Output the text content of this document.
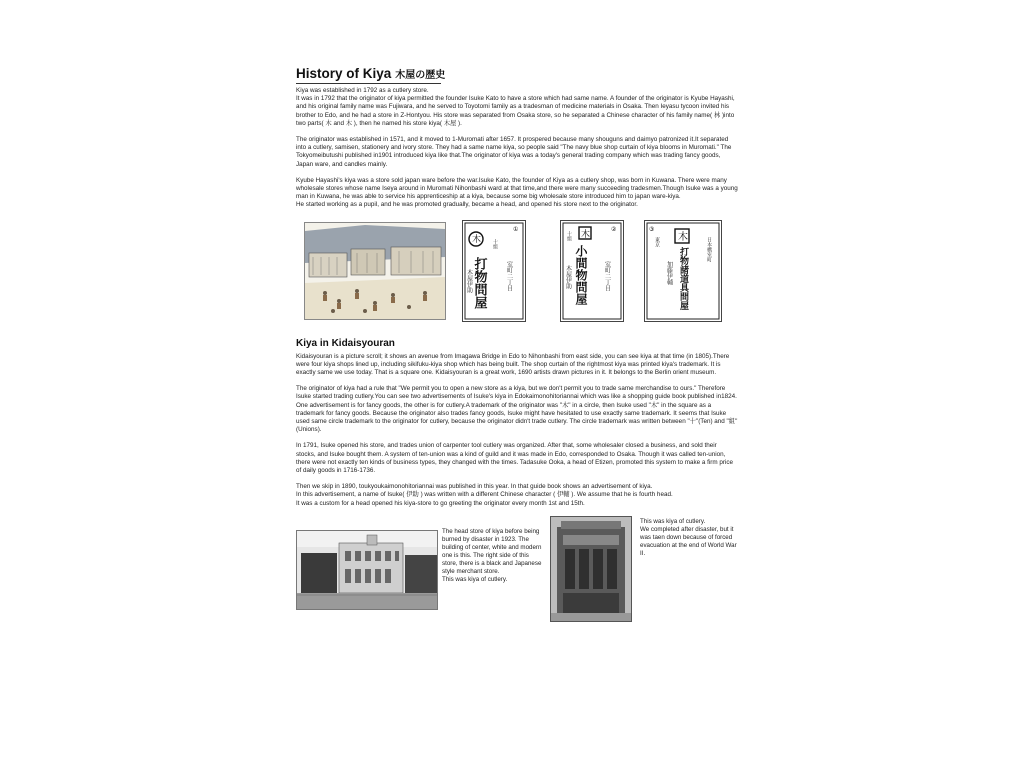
History of Kiya 木屋の歴史

Kiya was established in 1792 as a cutlery store.
It was in 1792 that the originator of kiya permitted the founder Isuke Kato to have a store which had same name. A founder of the originator is Kyube Hayashi, and his original family name was Fujiwara, and he served to Toyotomi family as a tradesman of medicine materials in Osaka. Then Ieyasu tycoon invited his brother to Edo, and he had a store in Z-Hontyou. His store was separated from Osaka store, so he separated a Chinese character of his family name( 林 )into two parts( 木 and 木 ), then he named his store kiya( 木屋 ).

The originator was established in 1571, and it moved to 1-Muromati after 1657. It prospered because many shouguns and daimyo patronized it.It separated into a cutlery, samisen, stationery and ivory store. They had a same name kiya, so people said "The navy blue shop curtain of kiya blooms in Muromati." The Tokyomeibutushi published in1901 introduced kiya like that.The originator of kiya was a today's general trading company which was trading fancy goods, Japan ware, and candles mainly.

Kyube Hayashi's kiya was a store sold japan ware before the war.Isuke Kato, the founder of Kiya as a cutlery shop, was born in Kuwana. There were many wholesale stores whose name Iseya around in Muromati Nihonbashi ward at that time,and there were many succeeding tradesmen.Though Isuke was a young man in Kuwana, he was able to service his apprenticeship at a kiya, because some big wholesale store introduced him to japan ware-kiya.
He started working as a pupil, and he was promoted gradually, became a head, and opened his store next to the originator.

①
木
打物問屋
木屋伊助	室町二丁目
十組
②
木
小間物問屋
木屋伊助	室町二丁目
十組
③
木
打物諸道具問屋
加藤伊輔
日本橋室町
東京
Kiya in Kidaisyouran

Kidaisyouran is a picture scroll; it shows an avenue from Imagawa Bridge in Edo to Nihonbashi from east side, you can see kiya at that time (in 1805).There were four kiya shops lined up, including sikifuku-kiya shop which has being built. The shop curtain of the rightmost kiya was printed kiya's trademark. It is exactly same we use today. That is a square one. Kidaisyouran is a great work, 1690 artists drawn pictures in it. It belongs to the Berlin orient museum.

The originator of kiya had a rule that "We permit you to open a new store as a kiya, but we don't permit you to trade same merchandise to ours." Therefore Isuke started trading cutlery.You can see two advertisements of Isuke's kiya in Edokaimonohitoriannai which was like a shopping guide book published in1824. One advertisement is for fancy goods, the other is for cutlery.A trademark of the originator was "木" in a circle, then Isuke used "木" in the square as a trademark for fancy goods. Because the originator also trades fancy goods, Isuke might have hesitated to use exactly same trademark. It seems that Isuke used same circle trademark to the originator for cutlery, because the originator didn't trade cutlery. The circle trademark was written between "十"(Ten) and "組"(Unions).

In 1791, Isuke opened his store, and trades union of carpenter tool cutlery was organized. After that, some wholesaler closed a business, and sold their stocks, and Isuke bought them. A system of ten-union was a kind of guild and it was made in Edo, corresponded to Osaka. Though it was called ten-union, there were not exactly ten kinds of business types, they changed with the times. Tadasuke Ooka, a head of Etizen, promoted this system to make a firm price of daily goods in 1716-1736.

Then we skip in 1890, toukyoukaimonohitoriannai was published in this year. In that guide book shows an advertisement of kiya.
In this advertisement, a name of Isuke( 伊助 ) was written with a different Chinese character ( 伊輔 ). We assume that he is fourth head.
It was a custom for a head opened his kiya-store to go greeting the originator every month 1st and 15th.

The head store of kiya before being burned by disaster in 1923. The building of center, white and modern one is this. The right side of this store, there is a black and Japanese style merchant store.
This was kiya of cutlery.
This was kiya of cutlery.
We completed after disaster, but it was taen down because of forced evacuation at the end of World War II.
